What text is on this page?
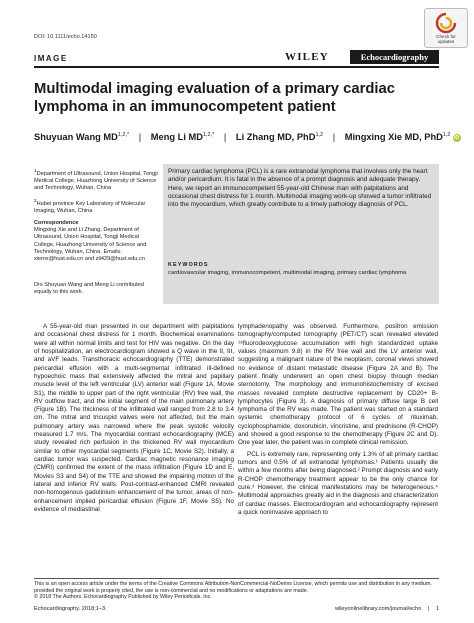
DOI: 10.1111/echo.14150	Check for
updates
IMAGE	WILEY	Echocardiography
Multimodal imaging evaluation of a primary cardiac lymphoma in an immunocompetent patient
Shuyuan Wang $MD^{1,2,*}$ | Meng Li $MD^{1,2,*}$ | Li Zhang MD, PhD$^{1,2}$ | Mingxing Xie MD, PhD$^{1,2}$ iD
$^1$Department of Ultrasound, Union Hospital, Tongji Medical College, Huazhong University of Science and Technology, Wuhan, China
$^2$Hubei province Key Laboratory of Molecular Imaging, Wuhan, China
Correspondence
Mingxing Xie and Li Zhang, Department of Ultrasound, Union Hospital, Tongji Medical College, Huazhong University of Science and Technology, Wuhan, China. Emails: xiemx@hust.edu.cn and zli429@hust.edu.cn
Drs Shuyuan Wang and Meng Li contributed equally to this work.
Primary cardiac lymphoma (PCL) is a rare extranodal lymphoma that involves only the heart and/or pericardium. It is fatal in the absence of a prompt diagnosis and adequate therapy. Here, we report an immunocompetent 55-year-old Chinese man with palpitations and occasional chest distress for 1 month. Multimodal imaging work-up showed a tumor infiltrated into the myocardium, which greatly contribute to a timely pathology diagnosis of PCL.
KEYWORDS
cardiovascular imaging, immunocompetent, multimodal imaging, primary cardiac lymphoma

A 55-year-old man presented in our department with palpitations and occasional chest distress for 1 month. Biochemical examinations were all within normal limits and test for HIV was negative. On the day of hospitalization, an electrocardiogram showed a Q wave in the II, III, and aVF leads. Transthoracic echocardiography (TTE) demonstrated pericardial effusion with a multi-segmental infiltrated ill-defined hypoechoic mass that extensively affected the mitral and papillary muscle level of the left ventricular (LV) anterior wall (Figure 1A, Movie S1), the middle to upper part of the right ventricular (RV) free wall, the RV outflow tract, and the initial segment of the main pulmonary artery (Figure 1B). The thickness of the infiltrated wall ranged from 2.8 to 3.4 cm. The mitral and tricuspid valves were not affected, but the main pulmonary artery was narrowed where the peak systolic velocity measured 1.7 m/s. The myocardial contrast echocardiography (MCE) study revealed rich perfusion in the thickened RV wall myocardium similar to other myocardial segments (Figure 1C, Movie S2). Initially, a cardiac tumor was suspected. Cardiac magnetic resonance imaging (CMRI) confirmed the extent of the mass infiltration (Figure 1D and E, Movies S3 and S4) of the TTE and showed the impairing motion of the lateral and inferior RV walls. Post-contrast-enhanced CMRI revealed non-homogenous gadolinium enhancement of the tumor, areas of non-enhancement implied pericardial effusion (Figure 1F, Movie S5). No evidence of mediastinal

lymphadenopathy was observed. Furthermore, positron emission tomography/computed tomography (PET/CT) scan revealed elevated ¹⁸fluorodeoxyglucose accumulation with high standardized uptake values (maximum 9.8) in the RV free wall and the LV anterior wall, suggesting a malignant nature of the neoplasm, coronal views showed no evidence of distant metastatic disease (Figure 2A and B). The patient finally underwent an open chest biopsy through median sternotomy. The morphology and immunohistochemistry of excised masses revealed complete destructive replacement by CD20+ B-lymphocytes (Figure 3). A diagnosis of primary diffuse large B cell lymphoma of the RV was made. The patient was started on a standard systemic chemotherapy protocol of 6 cycles of rituximab, cyclophosphamide, doxorubicin, vincristine, and prednisone (R-CHOP) and showed a good response to the chemotherapy (Figure 2C and D). One year later, the patient was in complete clinical remission.

PCL is extremely rare, representing only 1.3% of all primary cardiac tumors and 0.5% of all extranodal lymphomas.¹ Patients usually die within a few months after being diagnosed.² Prompt diagnosis and early R-CHOP chemotherapy treatment appear to be the only chance for cure.³ However, the clinical manifestations may be heterogeneous.⁴ Multimodal approaches greatly aid in the diagnosis and characterization of cardiac masses. Electrocardiogram and echocardiography represent a quick noninvasive approach to

This is an open access article under the terms of the Creative Commons Attribution-NonCommercial-NoDerivs License, which permits use and distribution in any medium, provided the original work is properly cited, the use is non-commercial and no modifications or adaptations are made.
© 2018 The Authors. Echocardiography Published by Wiley Periodicals, Inc.
Echocardiography. 2018;1–3.	wileyonlinelibrary.com/journal/echo | 1
